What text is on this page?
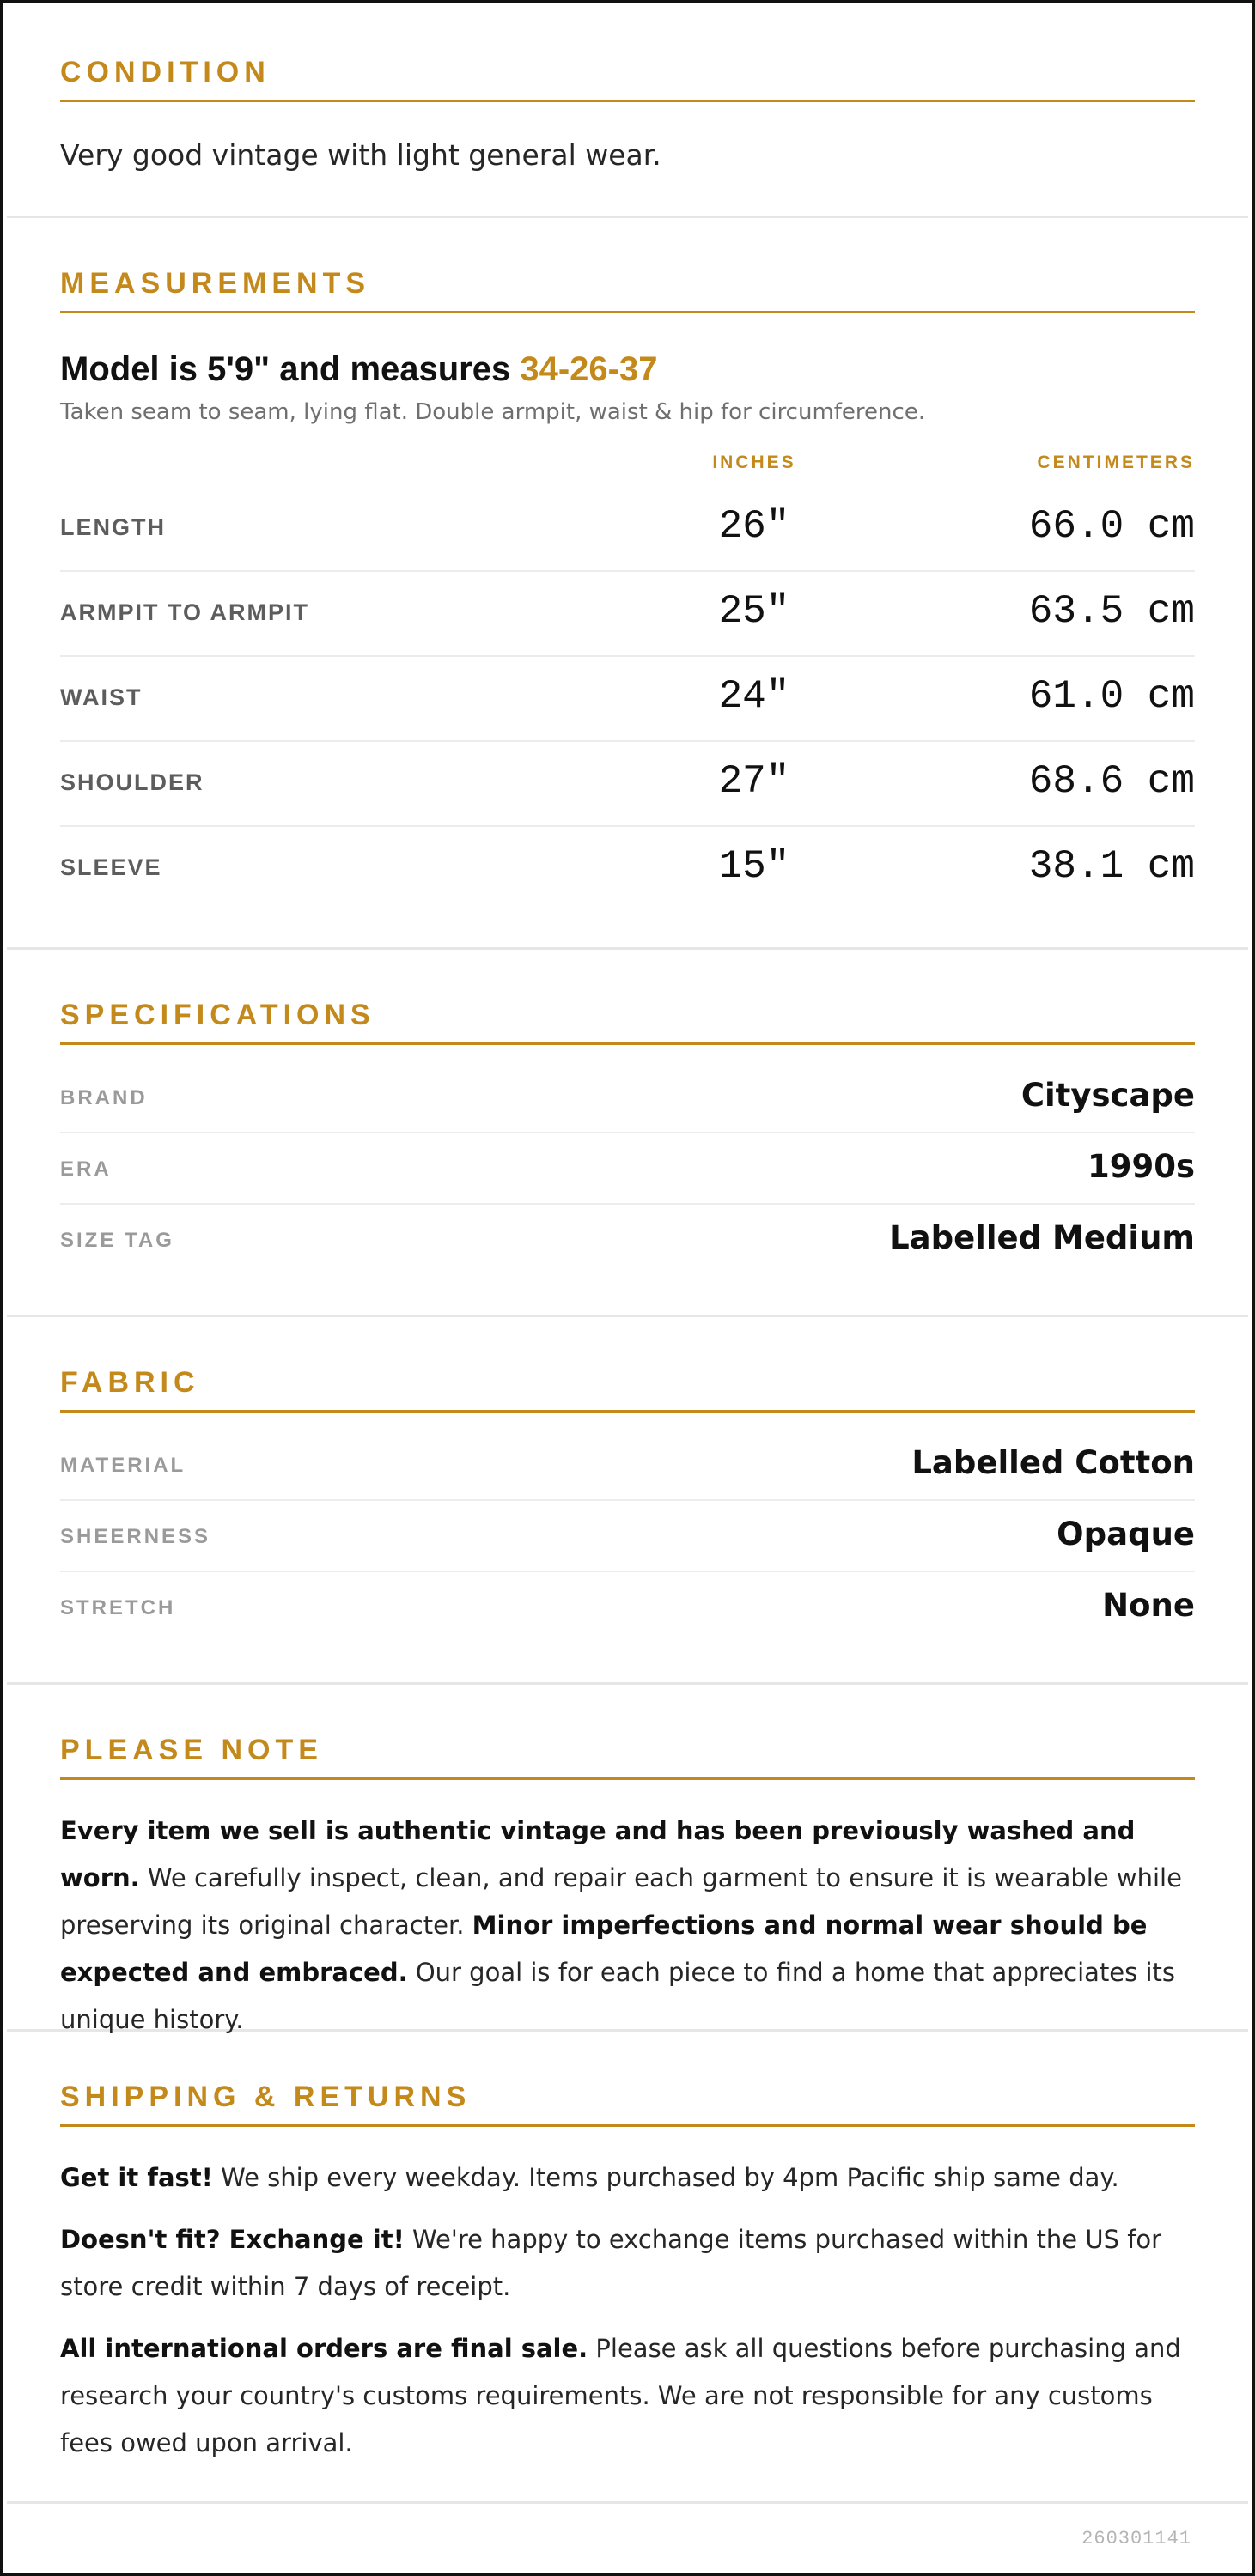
CONDITION
Very good vintage with light general wear.
MEASUREMENTS
Model is 5'9" and measures 34-26-37
Taken seam to seam, lying flat. Double armpit, waist & hip for circumference.
INCHES	CENTIMETERS
LENGTH	26"	66.0 cm
ARMPIT TO ARMPIT	25"	63.5 cm
WAIST	24"	61.0 cm
SHOULDER	27"	68.6 cm
SLEEVE	15"	38.1 cm
SPECIFICATIONS
BRAND	Cityscape
ERA	1990s
SIZE TAG	Labelled Medium
FABRIC
MATERIAL	Labelled Cotton
SHEERNESS	Opaque
STRETCH	None
PLEASE NOTE

Every item we sell is authentic vintage and has been previously washed and worn. We carefully inspect, clean, and repair each garment to ensure it is wearable while preserving its original character. Minor imperfections and normal wear should be expected and embraced. Our goal is for each piece to find a home that appreciates its unique history.

SHIPPING & RETURNS

Get it fast! We ship every weekday. Items purchased by 4pm Pacific ship same day.

Doesn't fit? Exchange it! We're happy to exchange items purchased within the US for store credit within 7 days of receipt.

All international orders are final sale. Please ask all questions before purchasing and research your country's customs requirements. We are not responsible for any customs fees owed upon arrival.

260301141
